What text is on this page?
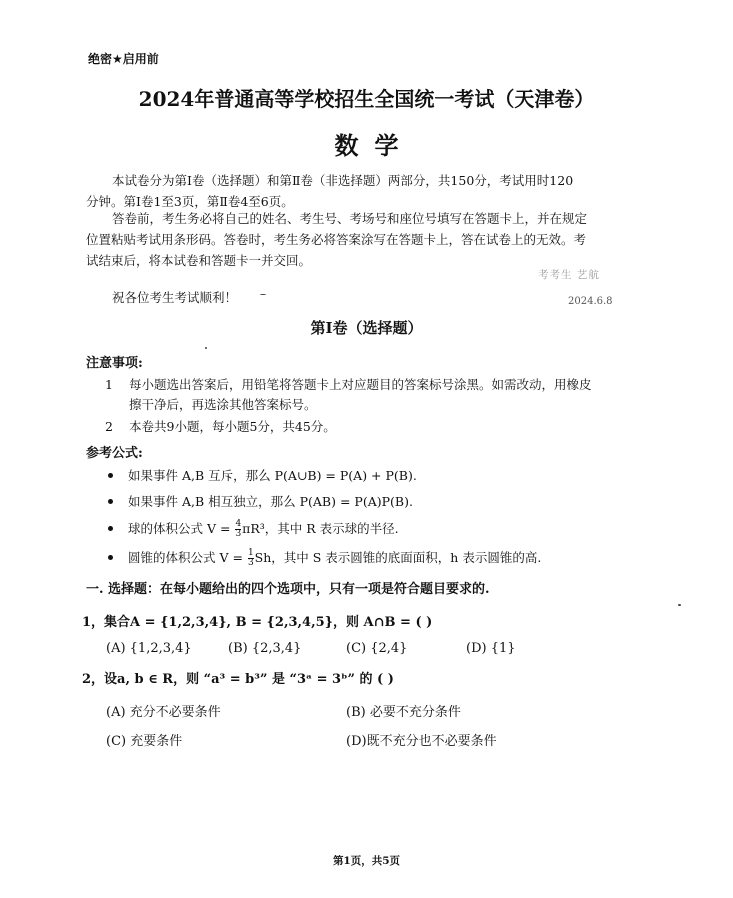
绝密★启用前
2024年普通高等学校招生全国统一考试（天津卷）
数学
本试卷分为第Ⅰ卷（选择题）和第Ⅱ卷（非选择题）两部分，共150分，考试用时120
分钟。第Ⅰ卷1至3页，第Ⅱ卷4至6页。
答卷前，考生务必将自己的姓名、考生号、考场号和座位号填写在答题卡上，并在规定
位置粘贴考试用条形码。答卷时，考生务必将答案涂写在答题卡上，答在试卷上的无效。考
试结束后，将本试卷和答题卡一并交回。
考考生 艺航
祝各位考生考试顺利！	2024.6.8
第Ⅰ卷（选择题）
注意事项:
1 每小题选出答案后，用铅笔将答题卡上对应题目的答案标号涂黑。如需改动，用橡皮
擦干净后，再选涂其他答案标号。
2 本卷共9小题，每小题5分，共45分。
参考公式:
如果事件 A,B 互斥，那么 P(A∪B) = P(A) + P(B).
如果事件 A,B 相互独立，那么 P(AB) = P(A)P(B).
球的体积公式 $V = \frac{4}{3} \pi R^3$，其中 R 表示球的半径.
圆锥的体积公式 $V = \frac{1}{3}$ Sh，其中 S 表示圆锥的底面面积，h 表示圆锥的高.
一. 选择题：在每小题给出的四个选项中，只有一项是符合题目要求的.
1，集合A = {1,2,3,4}, B = {2,3,4,5}，则 A∩B = ( )
(A) {1,2,3,4}	(B) {2,3,4}	(C) {2,4}	(D) {1}
2，设a, b ∈ R，则 “a³ = b³” 是 “3ᵃ = 3ᵇ” 的 ( )
(A) 充分不必要条件	(B) 必要不充分条件
(C) 充要条件	(D)既不充分也不必要条件
第1页，共5页
